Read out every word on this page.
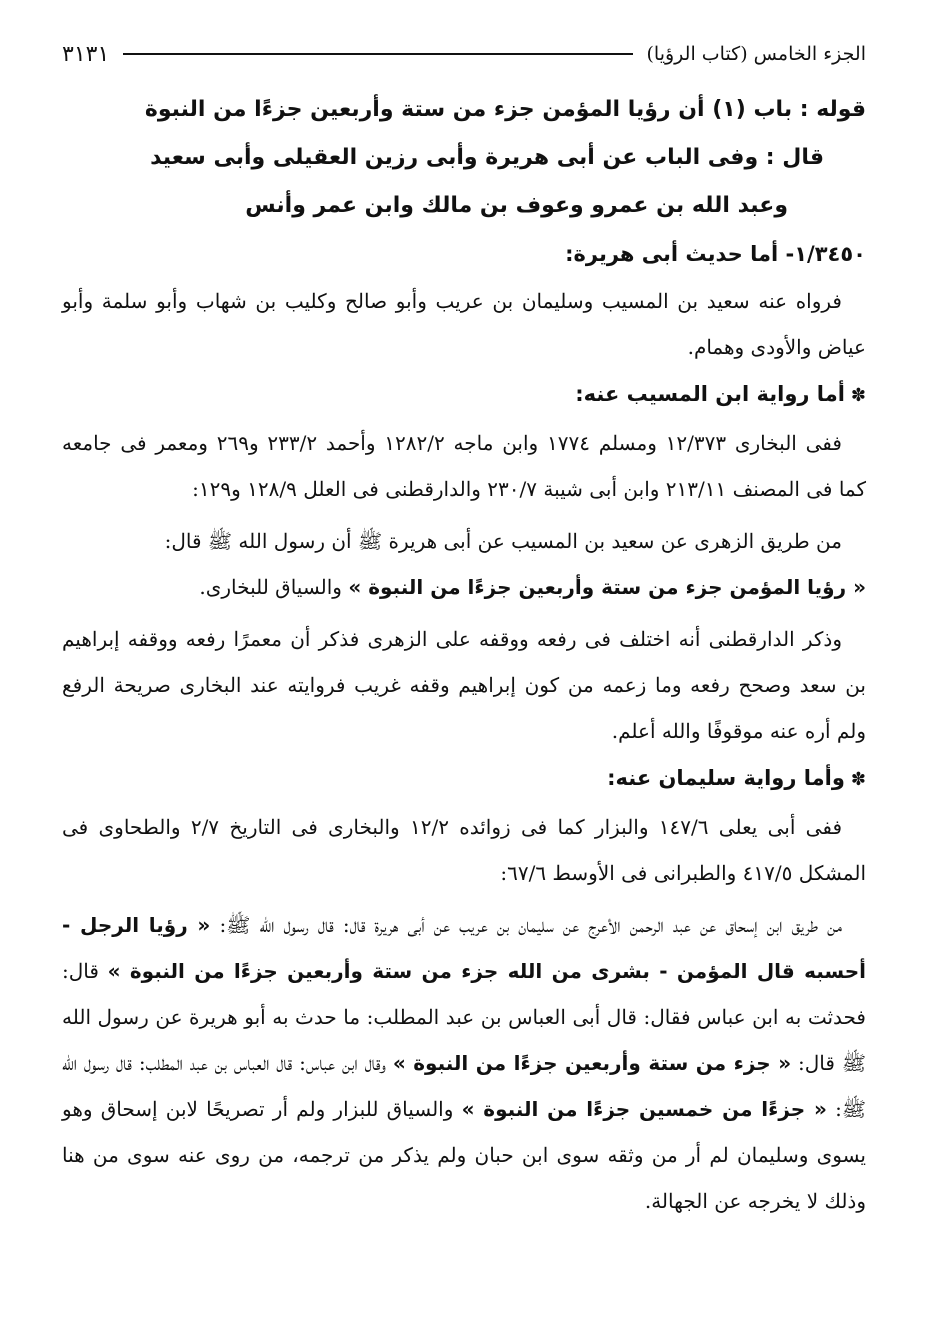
الجزء الخامس (كتاب الرؤيا)
٣١٣١
قوله : باب (١) أن رؤيا المؤمن جزء من ستة وأربعين جزءًا من النبوة
قال : وفى الباب عن أبى هريرة وأبى رزين العقيلى وأبى سعيد
وعبد الله بن عمرو وعوف بن مالك وابن عمر وأنس
١/٣٤٥٠- أما حديث أبى هريرة:

فرواه عنه سعيد بن المسيب وسليمان بن عريب وأبو صالح وكليب بن شهاب وأبو سلمة وأبو عياض والأودى وهمام.

✽أما رواية ابن المسيب عنه:

ففى البخارى ١٢/٣٧٣ ومسلم ١٧٧٤ وابن ماجه ١٢٨٢/٢ وأحمد ٢٣٣/٢ و٢٦٩ ومعمر فى جامعه كما فى المصنف ٢١٣/١١ وابن أبى شيبة ٢٣٠/٧ والدارقطنى فى العلل ١٢٨/٩ و١٢٩:

من طريق الزهرى عن سعيد بن المسيب عن أبى هريرة ﷺ أن رسول الله ﷺ قال:
« رؤيا المؤمن جزء من ستة وأربعين جزءًا من النبوة » والسياق للبخارى.

وذكر الدارقطنى أنه اختلف فى رفعه ووقفه على الزهرى فذكر أن معمرًا رفعه ووقفه إبراهيم بن سعد وصحح رفعه وما زعمه من كون إبراهيم وقفه غريب فروايته عند البخارى صريحة الرفع ولم أره عنه موقوفًا والله أعلم.

✽وأما رواية سليمان عنه:

ففى أبى يعلى ١٤٧/٦ والبزار كما فى زوائده ١٢/٢ والبخارى فى التاريخ ٢/٧ والطحاوى فى المشكل ٤١٧/٥ والطبرانى فى الأوسط ٦٧/٦:

من طريق ابن إسحاق عن عبد الرحمن الأعرج عن سليمان بن عريب عن أبى هريرة قال: قال رسول الله ﷺ: « رؤيا الرجل - أحسبه قال المؤمن - بشرى من الله جزء من ستة وأربعين جزءًا من النبوة » قال: فحدثت به ابن عباس فقال: قال أبى العباس بن عبد المطلب: ما حدث به أبو هريرة عن رسول الله ﷺ قال: « جزء من ستة وأربعين جزءًا من النبوة » وقال ابن عباس: قال العباس بن عبد المطلب: قال رسول الله ﷺ: « جزءًا من خمسين جزءًا من النبوة » والسياق للبزار ولم أر تصريحًا لابن إسحاق وهو يسوى وسليمان لم أر من وثقه سوى ابن حبان ولم يذكر من ترجمه، من روى عنه سوى من هنا وذلك لا يخرجه عن الجهالة.
